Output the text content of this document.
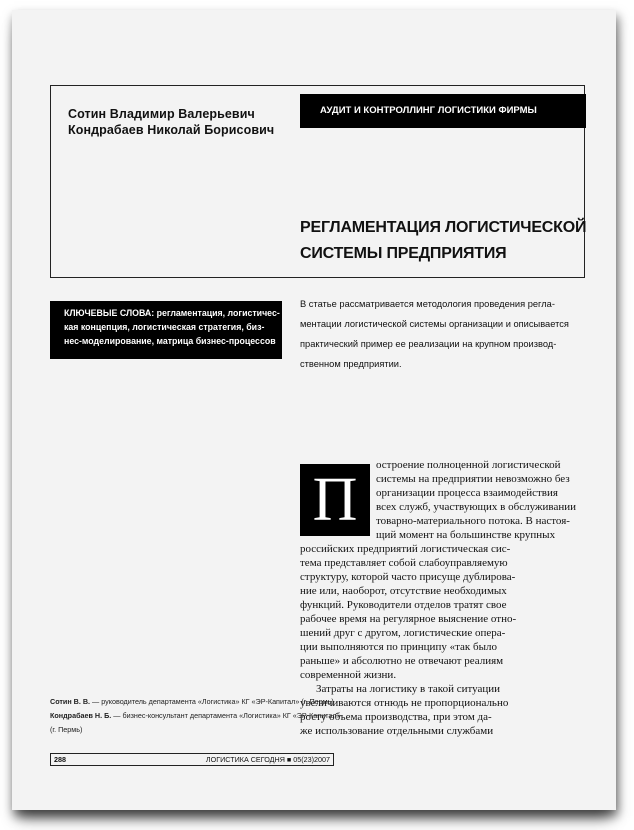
Сотин Владимир Валерьевич
Кондрабаев Николай Борисович
АУДИТ И КОНТРОЛЛИНГ ЛОГИСТИКИ ФИРМЫ
РЕГЛАМЕНТАЦИЯ ЛОГИСТИЧЕСКОЙ
СИСТЕМЫ ПРЕДПРИЯТИЯ
КЛЮЧЕВЫЕ СЛОВА: регламентация, логистичес-
кая концепция, логистическая стратегия, биз-
нес-моделирование, матрица бизнес-процессов
В статье рассматривается методология проведения регла-
ментации логистической системы организации и описывается
практический пример ее реализации на крупном производ-
ственном предприятии.
П
остроение полноценной логистической
системы на предприятии невозможно без
организации процесса взаимодействия
всех служб, участвующих в обслуживании
товарно-материального потока. В настоя-
щий момент на большинстве крупных
российских предприятий логистическая сис-
тема представляет собой слабоуправляемую
структуру, которой часто присуще дублирова-
ние или, наоборот, отсутствие необходимых
функций. Руководители отделов тратят свое
рабочее время на регулярное выяснение отно-
шений друг с другом, логистические опера-
ции выполняются по принципу «так было
раньше» и абсолютно не отвечают реалиям
современной жизни.
Затраты на логистику в такой ситуации
увеличиваются отнюдь не пропорционально
росту объема производства, при этом да-
же использование отдельными службами
Сотин В. В. — руководитель департамента «Логистика» КГ «ЭР-Капитал» (г. Пермь)
Кондрабаев Н. Б. — бизнес-консультант департамента «Логистика» КГ «ЭР-Капитал»
(г. Пермь)
288	ЛОГИСТИКА СЕГОДНЯ ■ 05(23)2007
